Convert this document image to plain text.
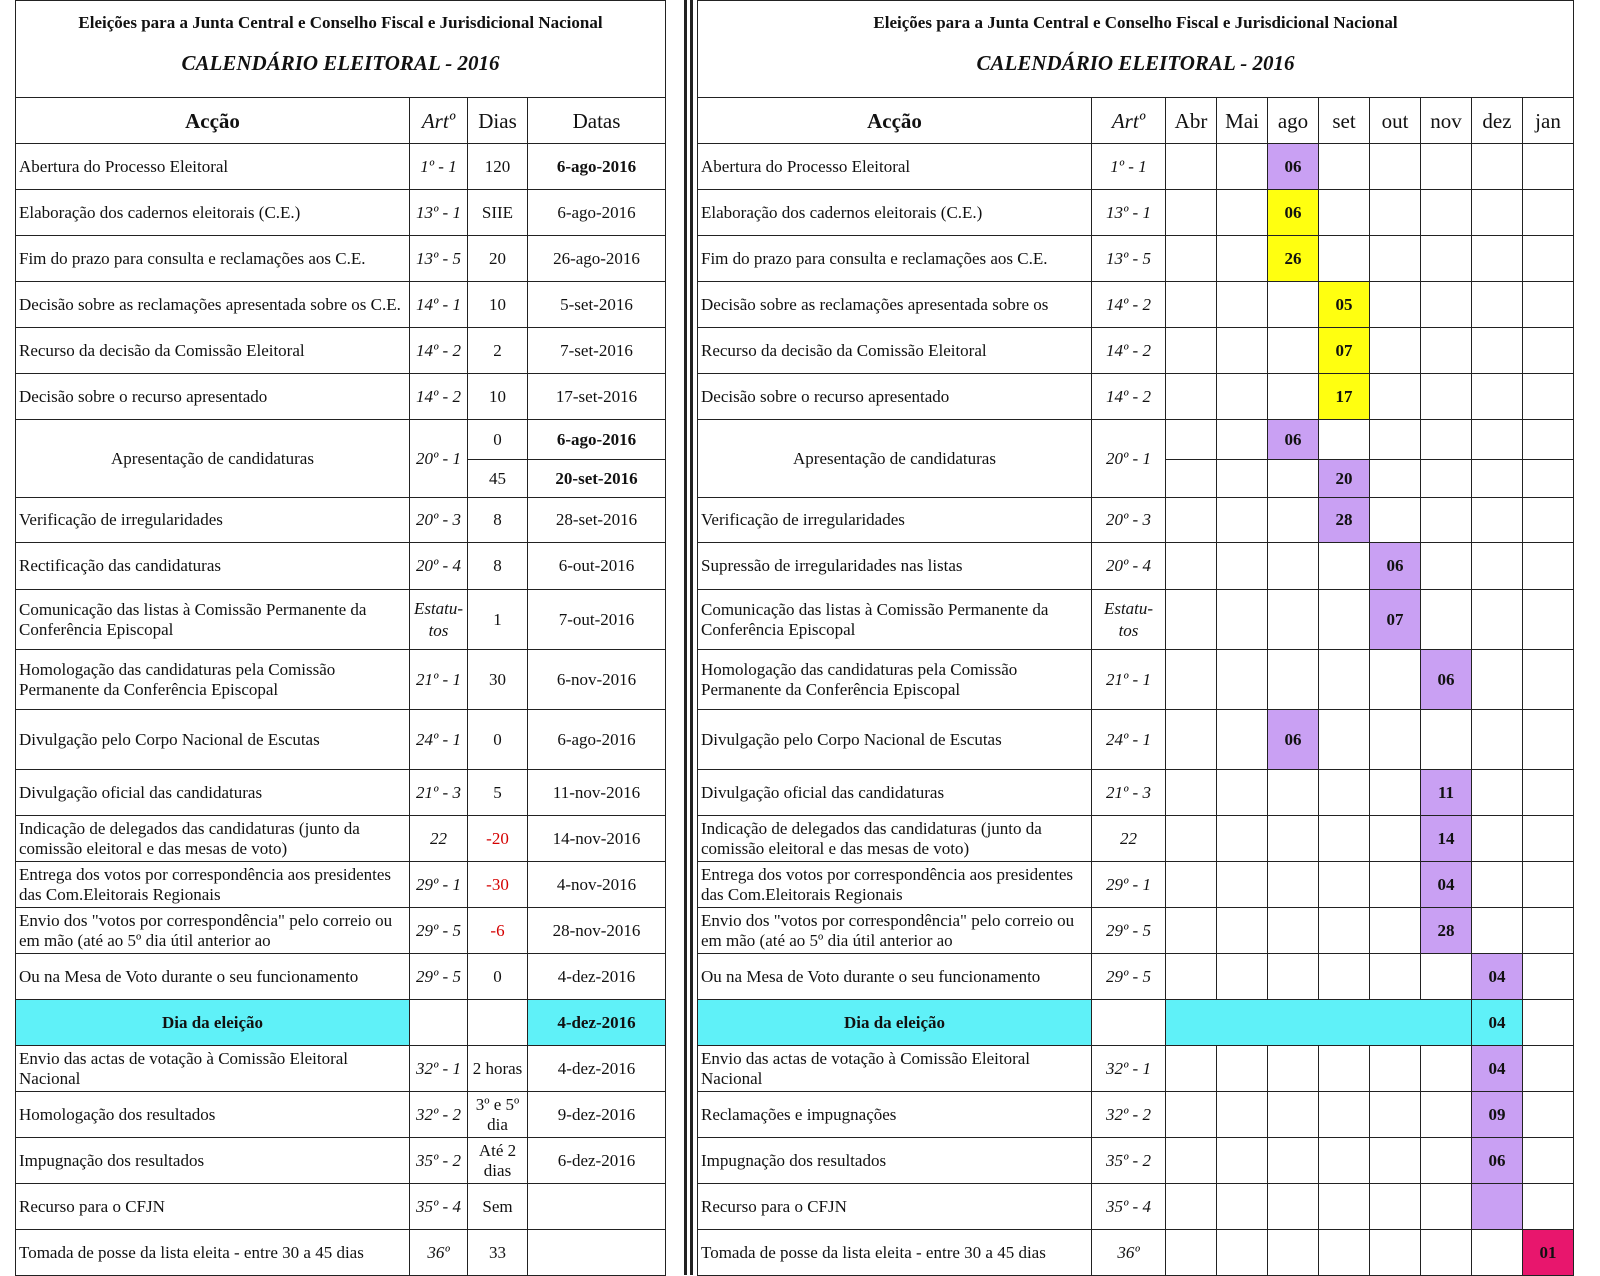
Eleições para a Junta Central e Conselho Fiscal e Jurisdicional Nacional
CALENDÁRIO ELEITORAL - 2016			

Acção	Artº	Dias	Datas
Abertura do Processo Eleitoral	1º - 1	120	6-ago-2016
Elaboração dos cadernos eleitorais (C.E.)	13º - 1	SIIE	6-ago-2016
Fim do prazo para consulta e reclamações aos C.E.	13º - 5	20	26-ago-2016
Decisão sobre as reclamações apresentada sobre os C.E.	14º - 1	10	5-set-2016
Recurso da decisão da Comissão Eleitoral	14º - 2	2	7-set-2016
Decisão sobre o recurso apresentado	14º - 2	10	17-set-2016
Apresentação de candidaturas	20º - 1	0	6-ago-2016
		45	20-set-2016
Verificação de irregularidades	20º - 3	8	28-set-2016
Rectificação das candidaturas	20º - 4	8	6-out-2016
Comunicação das listas à Comissão Permanente da Conferência Episcopal	Estatu-tos	1	7-out-2016
Homologação das candidaturas pela Comissão Permanente da Conferência Episcopal	21º - 1	30	6-nov-2016
Divulgação pelo Corpo Nacional de Escutas	24º - 1	0	6-ago-2016
Divulgação oficial das candidaturas	21º - 3	5	11-nov-2016
Indicação de delegados das candidaturas (junto da comissão eleitoral e das mesas de voto)	22	-20	14-nov-2016
Entrega dos votos por correspondência aos presidentes das Com.Eleitorais Regionais	29º - 1	-30	4-nov-2016
Envio dos "votos por correspondência" pelo correio ou em mão (até ao 5º dia útil anterior ao	29º - 5	-6	28-nov-2016
Ou na Mesa de Voto durante o seu funcionamento	29º - 5	0	4-dez-2016
Dia da eleição			4-dez-2016
Envio das actas de votação à Comissão Eleitoral Nacional	32º - 1	2 horas	4-dez-2016
Homologação dos resultados	32º - 2	3º e 5º dia	9-dez-2016
Impugnação dos resultados	35º - 2	Até 2 dias	6-dez-2016
Recurso para o CFJN	35º - 4	Sem	
Tomada de posse da lista eleita - entre 30 a 45 dias	36º	33	
Eleições para a Junta Central e Conselho Fiscal e Jurisdicional Nacional
CALENDÁRIO ELEITORAL - 2016									

Acção	Artº	Abr	Mai	ago	set	out	nov	dez	jan
Abertura do Processo Eleitoral	1º - 1			06					
Elaboração dos cadernos eleitorais (C.E.)	13º - 1			06					
Fim do prazo para consulta e reclamações aos C.E.	13º - 5			26					
Decisão sobre as reclamações apresentada sobre os	14º - 2				05				
Recurso da decisão da Comissão Eleitoral	14º - 2				07				
Decisão sobre o recurso apresentado	14º - 2				17				
Apresentação de candidaturas	20º - 1			06					
					20				
Verificação de irregularidades	20º - 3				28				
Supressão de irregularidades nas listas	20º - 4					06			
Comunicação das listas à Comissão Permanente da Conferência Episcopal	Estatu-tos					07			
Homologação das candidaturas pela Comissão Permanente da Conferência Episcopal	21º - 1						06		
Divulgação pelo Corpo Nacional de Escutas	24º - 1			06					
Divulgação oficial das candidaturas	21º - 3						11		
Indicação de delegados das candidaturas (junto da comissão eleitoral e das mesas de voto)	22						14		
Entrega dos votos por correspondência aos presidentes das Com.Eleitorais Regionais	29º - 1						04		
Envio dos "votos por correspondência" pelo correio ou em mão (até ao 5º dia útil anterior ao	29º - 5						28		
Ou na Mesa de Voto durante o seu funcionamento	29º - 5							04	
Dia da eleição								04	
Envio das actas de votação à Comissão Eleitoral Nacional	32º - 1							04	
Reclamações e impugnações	32º - 2							09	
Impugnação dos resultados	35º - 2							06	
Recurso para o CFJN	35º - 4								
Tomada de posse da lista eleita - entre 30 a 45 dias	36º								01
